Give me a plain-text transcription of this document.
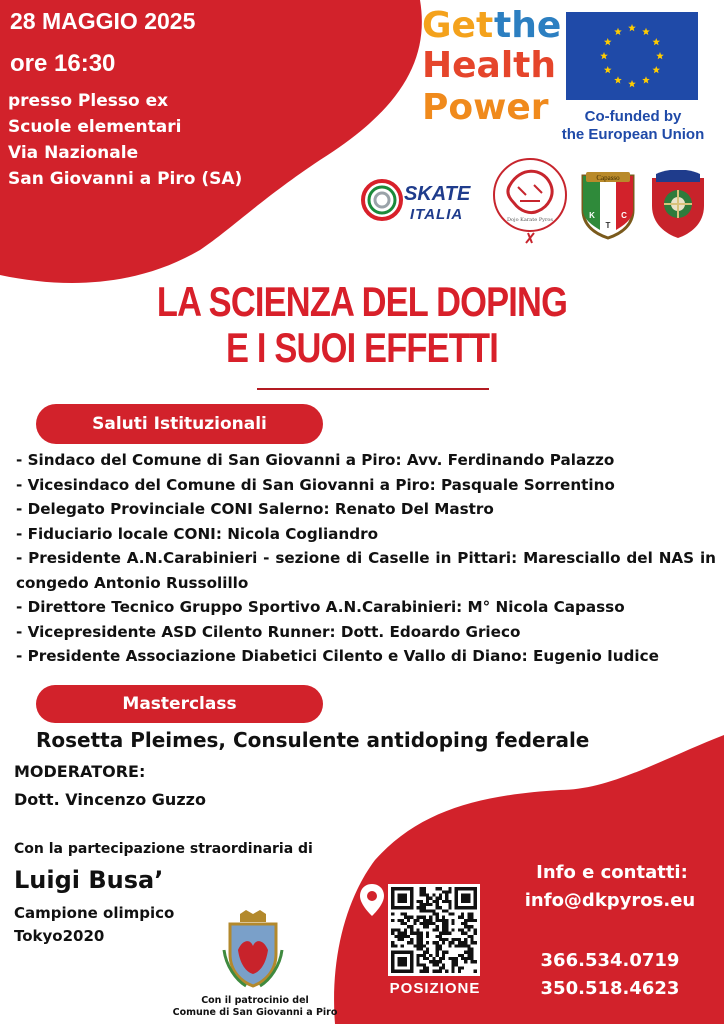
28 MAGGIO 2025
ore 16:30
presso Plesso ex
Scuole elementari
Via Nazionale
San Giovanni a Piro (SA)
Get the
Health
Power	Co-funded by
the European Union
SKATE
ITALIA	Dojo Karate Pyros
Capasso
K
T
C
LA SCIENZA DEL DOPING
E I SUOI EFFETTI
Saluti Istituzionali
- Sindaco del Comune di San Giovanni a Piro: Avv. Ferdinando Palazzo
- Vicesindaco del Comune di San Giovanni a Piro: Pasquale Sorrentino
- Delegato Provinciale CONI Salerno: Renato Del Mastro
- Fiduciario locale CONI: Nicola Cogliandro
- Presidente A.N.Carabinieri - sezione di Caselle in Pittari: Maresciallo del NAS in congedo Antonio Russolillo
- Direttore Tecnico Gruppo Sportivo A.N.Carabinieri: M° Nicola Capasso
- Vicepresidente ASD Cilento Runner: Dott. Edoardo Grieco
- Presidente Associazione Diabetici Cilento e Vallo di Diano: Eugenio Iudice
Masterclass
Rosetta Pleimes, Consulente antidoping federale
MODERATORE:
Dott. Vincenzo Guzzo
Con la partecipazione straordinaria di
Luigi Busa’
Campione olimpico
Tokyo2020
Con il patrocinio del
Comune di San Giovanni a Piro
POSIZIONE
Info e contatti:
info@dkpyros.eu
366.534.0719
350.518.4623
